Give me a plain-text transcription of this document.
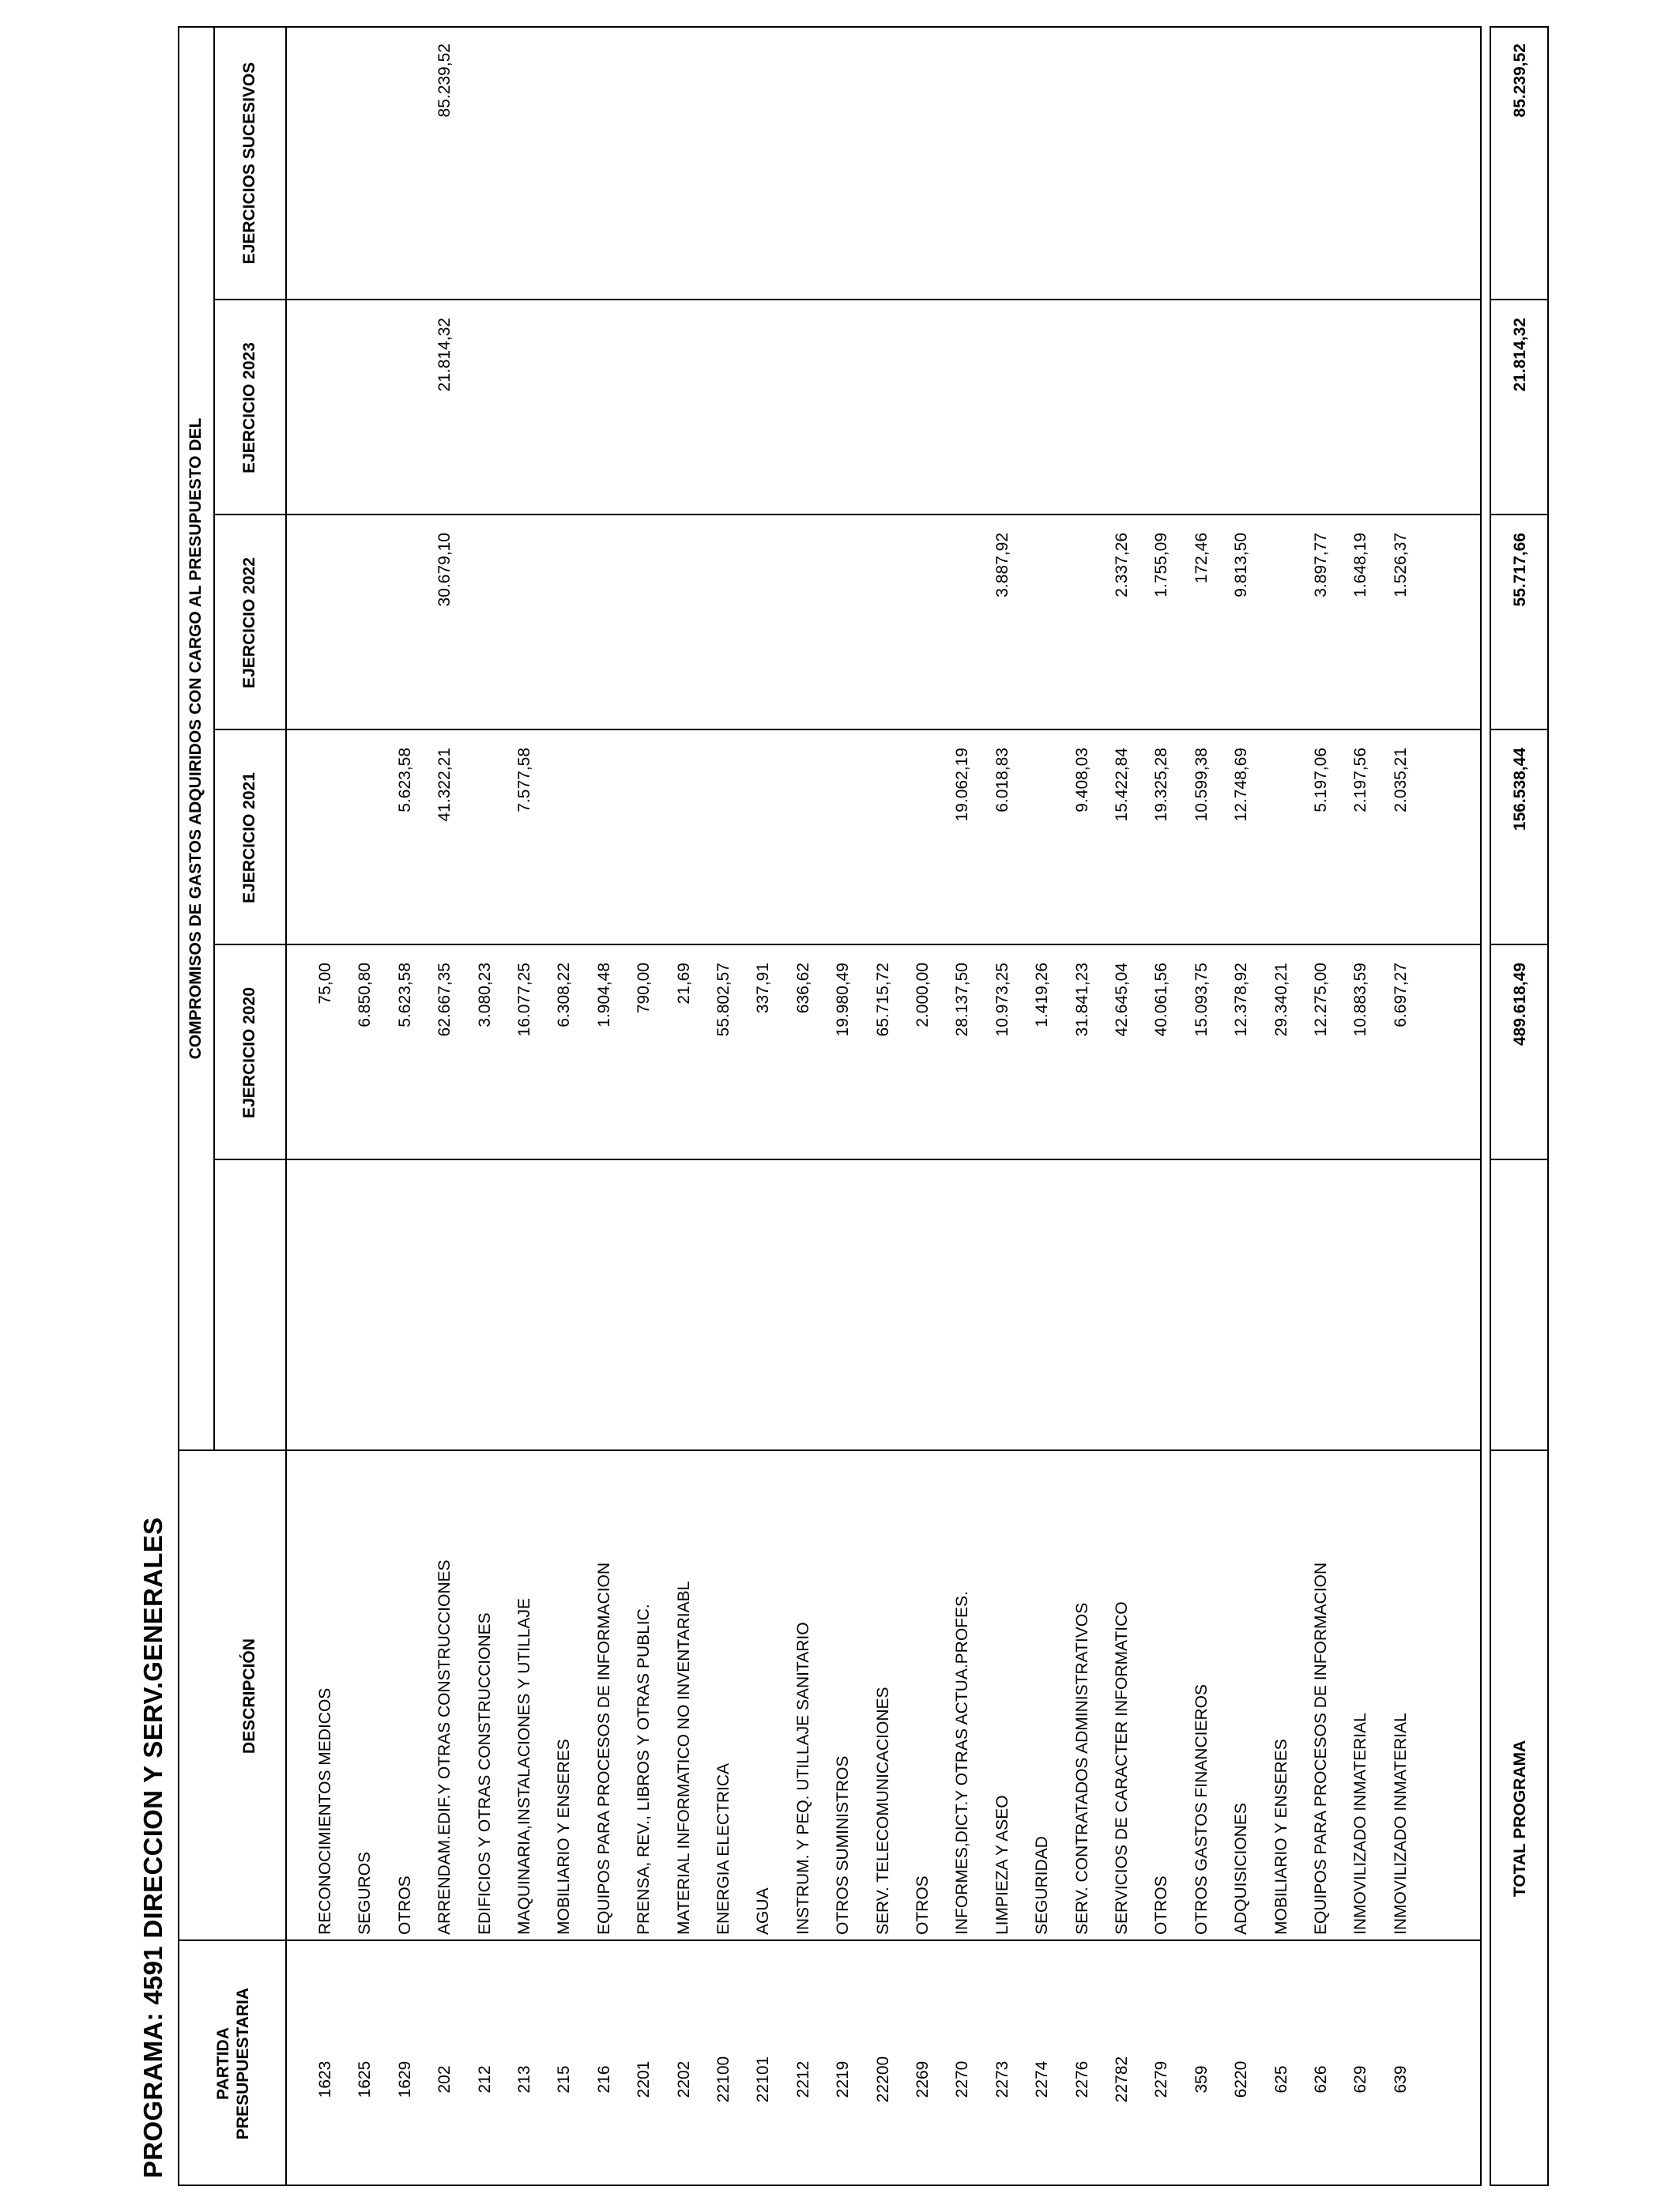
PROGRAMA: 4591 DIRECCION Y SERV.GENERALES	PARTIDA
PRESUPUESTARIA
DESCRIPCIÓN
COMPROMISOS DE GASTOS ADQUIRIDOS CON CARGO AL PRESUPUESTO DEL EJERCICIO 2020
EJERCICIO 2021
EJERCICIO 2022
EJERCICIO 2023
EJERCICIOS SUCESIVOS
1623
RECONOCIMIENTOS MEDICOS
75,00
1625
SEGUROS
6.850,80
1629
OTROS
5.623,58
5.623,58
202
ARRENDAM.EDIF.Y OTRAS CONSTRUCCIONES
62.667,35
41.322,21
30.679,10
21.814,32
85.239,52
212
EDIFICIOS Y OTRAS CONSTRUCCIONES
3.080,23
213
MAQUINARIA,INSTALACIONES Y UTILLAJE
16.077,25
7.577,58
215
MOBILIARIO Y ENSERES
6.308,22
216
EQUIPOS PARA PROCESOS DE INFORMACION
1.904,48
2201
PRENSA, REV., LIBROS Y OTRAS PUBLIC.
790,00
2202
MATERIAL INFORMATICO NO INVENTARIABL
21,69
22100
ENERGIA ELECTRICA
55.802,57
22101
AGUA
337,91
2212
INSTRUM. Y PEQ. UTILLAJE SANITARIO
636,62
2219
OTROS SUMINISTROS
19.980,49
22200
SERV. TELECOMUNICACIONES
65.715,72
2269
OTROS
2.000,00
2270
INFORMES,DICT.Y OTRAS ACTUA.PROFES.
28.137,50
19.062,19
2273
LIMPIEZA Y ASEO
10.973,25
6.018,83
3.887,92
2274
SEGURIDAD
1.419,26
2276
SERV. CONTRATADOS ADMINISTRATIVOS
31.841,23
9.408,03
22782
SERVICIOS DE CARACTER INFORMATICO
42.645,04
15.422,84
2.337,26
2279
OTROS
40.061,56
19.325,28
1.755,09
359
OTROS GASTOS FINANCIEROS
15.093,75
10.599,38
172,46
6220
ADQUISICIONES
12.378,92
12.748,69
9.813,50
625
MOBILIARIO Y ENSERES
29.340,21
626
EQUIPOS PARA PROCESOS DE INFORMACION
12.275,00
5.197,06
3.897,77
629
INMOVILIZADO INMATERIAL
10.883,59
2.197,56
1.648,19
639
INMOVILIZADO INMATERIAL
6.697,27
2.035,21
1.526,37
TOTAL PROGRAMA
489.618,49
156.538,44
55.717,66
21.814,32
85.239,52
